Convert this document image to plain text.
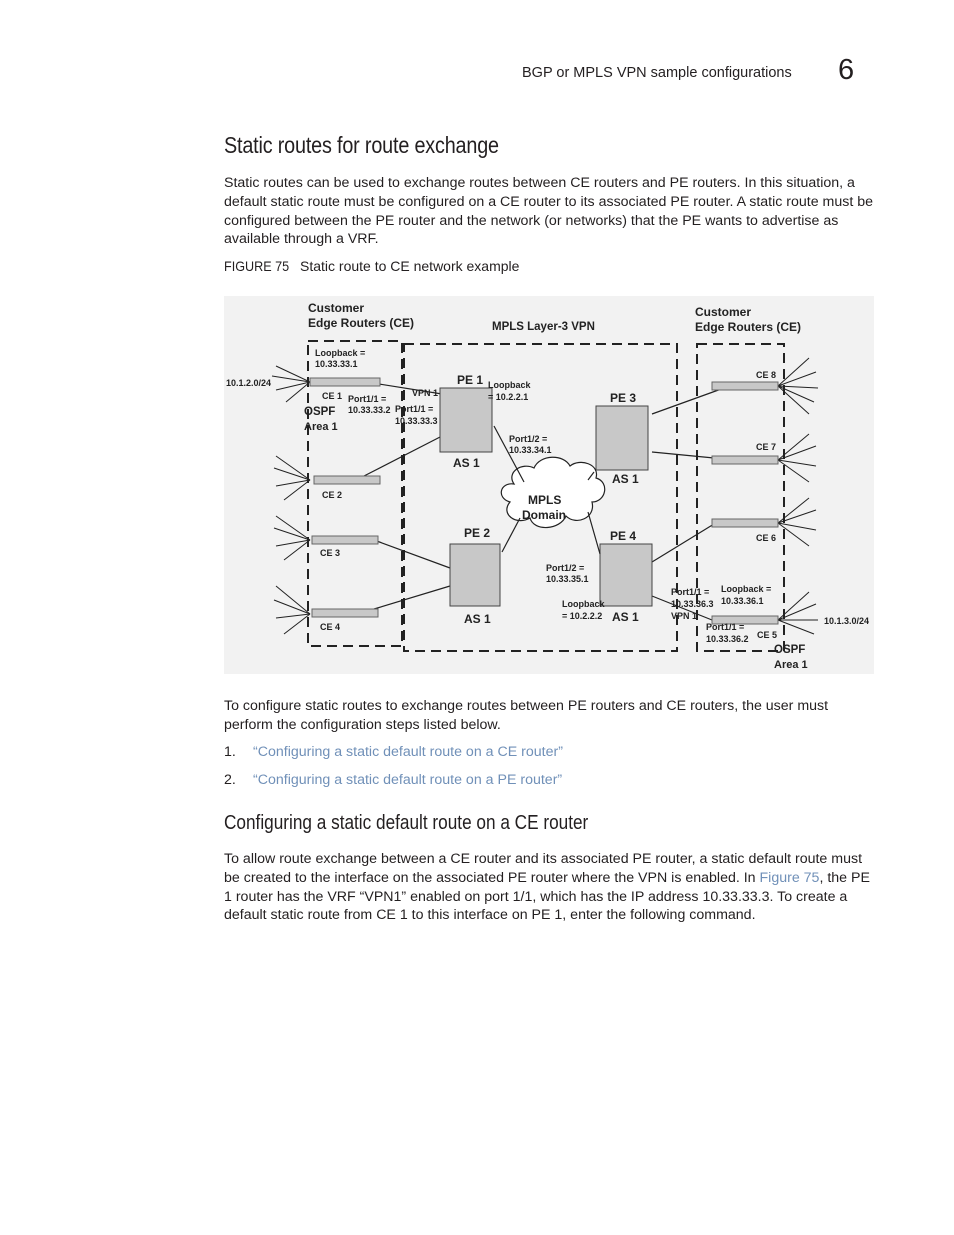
BGP or MPLS VPN sample configurations 6
Static routes for route exchange
Static routes can be used to exchange routes between CE routers and PE routers. In this situation, a default static route must be configured on a CE router to its associated PE router. A static route must be configured between the PE router and the network (or networks) that the PE wants to advertise as available through a VRF.
FIGURE 75 Static route to CE network example
Customer
Edge Routers (CE)
Customer
Edge Routers (CE)
MPLS Layer-3 VPN
MPLS
Domain
PE 1
AS 1
PE 3
AS 1
PE 2
AS 1
PE 4
AS 1
OSPF
Area 1
OSPF
Area 1
Loopback =
10.33.33.1
10.1.2.0/24
CE 1 Port1/1 =
10.33.33.2
VPN 1
Port1/1 =
10.33.33.3
Loopback
= 10.2.2.1
Port1/2 =
10.33.34.1
CE 2
CE 3
CE 4
Port1/2 =
10.33.35.1
Loopback
= 10.2.2.2
Port1/1 =
10.33.36.3
VPN 1
CE 8
CE 7
CE 6
Loopback =
10.33.36.1
Port1/1 =
10.33.36.2 CE 5
10.1.3.0/24
To configure static routes to exchange routes between PE routers and CE routers, the user must perform the configuration steps listed below.
1. “Configuring a static default route on a CE router”
2. “Configuring a static default route on a PE router”
Configuring a static default route on a CE router
To allow route exchange between a CE router and its associated PE router, a static default route must be created to the interface on the associated PE router where the VPN is enabled. In Figure 75, the PE 1 router has the VRF “VPN1” enabled on port 1/1, which has the IP address 10.33.33.3. To create a default static route from CE 1 to this interface on PE 1, enter the following command.
